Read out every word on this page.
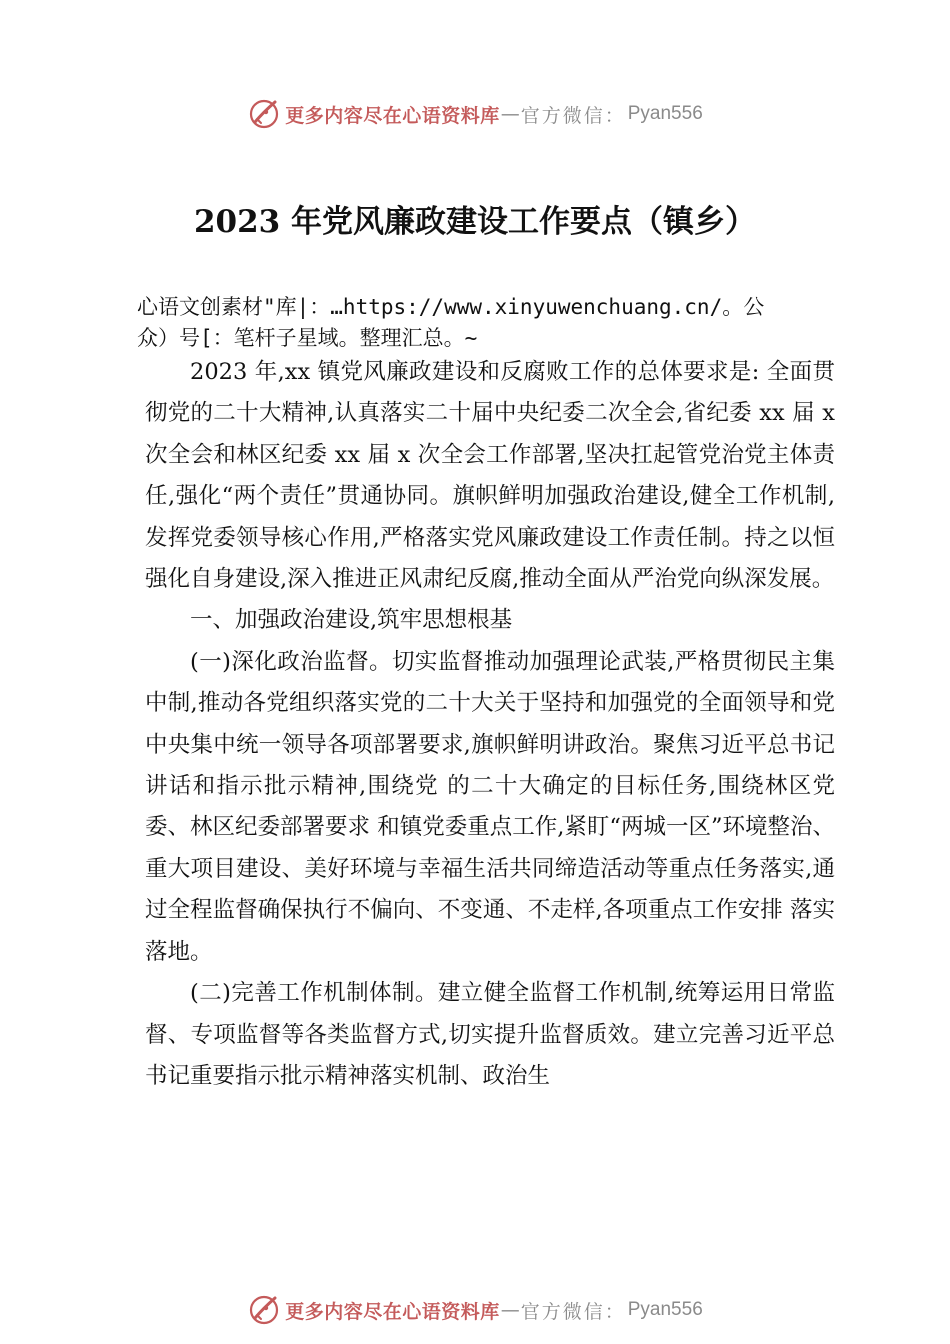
更多内容尽在心语资料库 — 官方微信： Pyan556
2023 年党风廉政建设工作要点（镇乡）
心语文创素材"库|：…https://www.xinyuwenchuang.cn/。公
众）号[：笔杆子星域。整理汇总。~

2023 年,xx 镇党风廉政建设和反腐败工作的总体要求是: 全面贯彻党的二十大精神,认真落实二十届中央纪委二次全会,省纪委 xx 届 x 次全会和林区纪委 xx 届 x 次全会工作部署,坚决扛起管党治党主体责任,强化“两个责任”贯通协同。旗帜鲜明加强政治建设,健全工作机制,发挥党委领导核心作用,严格落实党风廉政建设工作责任制。持之以恒强化自身建设,深入推进正风肃纪反腐,推动全面从严治党向纵深发展。

一、加强政治建设,筑牢思想根基

(一)深化政治监督。切实监督推动加强理论武装,严格贯彻民主集中制,推动各党组织落实党的二十大关于坚持和加强党的全面领导和党中央集中统一领导各项部署要求,旗帜鲜明讲政治。聚焦习近平总书记讲话和指示批示精神,围绕党 的二十大确定的目标任务,围绕林区党委、林区纪委部署要求 和镇党委重点工作,紧盯“两城一区”环境整治、重大项目建设、美好环境与幸福生活共同缔造活动等重点任务落实,通过全程监督确保执行不偏向、不变通、不走样,各项重点工作安排 落实落地。

(二)完善工作机制体制。建立健全监督工作机制,统筹运用日常监督、专项监督等各类监督方式,切实提升监督质效。建立完善习近平总书记重要指示批示精神落实机制、政治生

更多内容尽在心语资料库 — 官方微信： Pyan556
